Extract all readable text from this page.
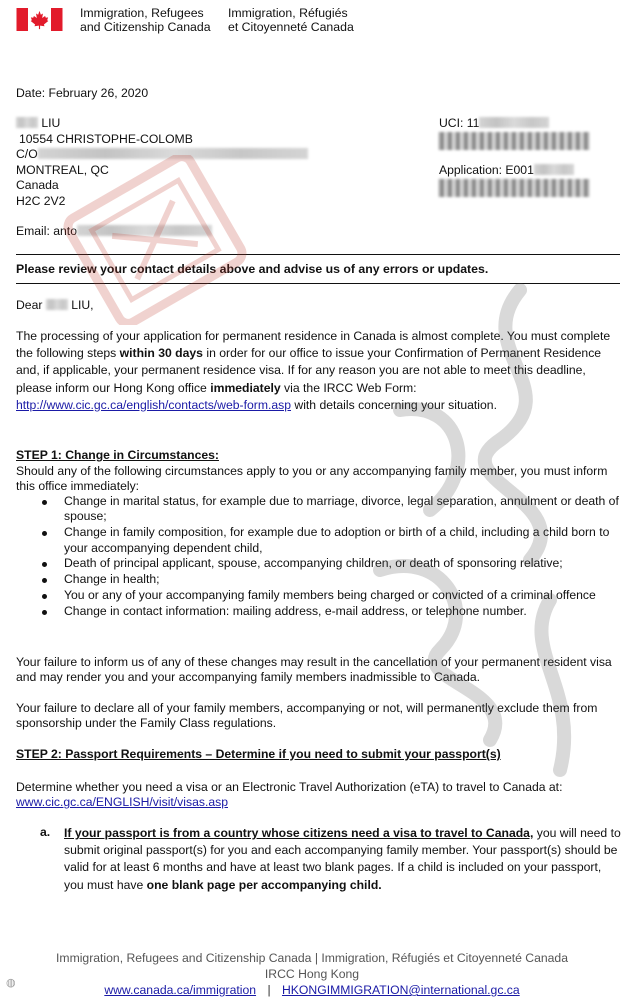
Immigration, Refugees
and Citizenship Canada
Immigration, Réfugiés
et Citoyenneté Canada
Date: February 26, 2020
LIU
10554 CHRISTOPHE-COLOMB
C/O
MONTREAL, QC
Canada
H2C 2V2
Email: anto
UCI: 11
Application: E001
Please review your contact details above and advise us of any errors or updates.
Dear LIU,
The processing of your application for permanent residence in Canada is almost complete. You must complete the following steps within 30 days in order for our office to issue your Confirmation of Permanent Residence and, if applicable, your permanent residence visa. If for any reason you are not able to meet this deadline, please inform our Hong Kong office immediately via the IRCC Web Form: http://www.cic.gc.ca/english/contacts/web-form.asp with details concerning your situation.
STEP 1: Change in Circumstances:
Should any of the following circumstances apply to you or any accompanying family member, you must inform this office immediately:
Change in marital status, for example due to marriage, divorce, legal separation, annulment or death of spouse;
Change in family composition, for example due to adoption or birth of a child, including a child born to your accompanying dependent child,
Death of principal applicant, spouse, accompanying children, or death of sponsoring relative;
Change in health;
You or any of your accompanying family members being charged or convicted of a criminal offence
Change in contact information: mailing address, e-mail address, or telephone number.
Your failure to inform us of any of these changes may result in the cancellation of your permanent resident visa and may render you and your accompanying family members inadmissible to Canada.
Your failure to declare all of your family members, accompanying or not, will permanently exclude them from sponsorship under the Family Class regulations.
STEP 2: Passport Requirements – Determine if you need to submit your passport(s)
Determine whether you need a visa or an Electronic Travel Authorization (eTA) to travel to Canada at:
www.cic.gc.ca/ENGLISH/visit/visas.asp
a.	If your passport is from a country whose citizens need a visa to travel to Canada, you will need to submit original passport(s) for you and each accompanying family member. Your passport(s) should be valid for at least 6 months and have at least two blank pages. If a child is included on your passport, you must have one blank page per accompanying child.
Immigration, Refugees and Citizenship Canada | Immigration, Réfugiés et Citoyenneté Canada
IRCC Hong Kong
www.canada.ca/immigration | HKONGIMMIGRATION@international.gc.ca
◍
